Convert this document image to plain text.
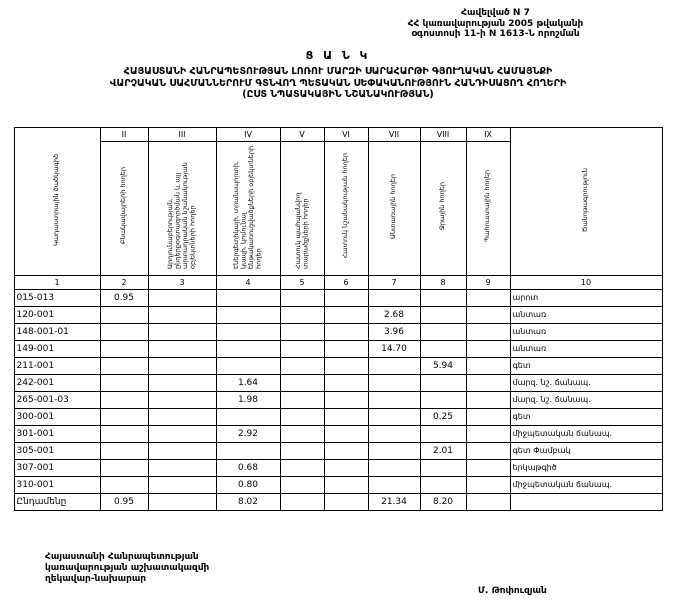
Հավելված N 7
ՀՀ կառավարության 2005 թվականի
օգոստոսի 11-ի N 1613-Ն որոշման
Ց Ա Ն Կ
ՀԱՅԱՍՏԱՆԻ ՀԱՆՐԱՊԵՏՈՒԹՅԱՆ ԼՈՌՈՒ ՄԱՐԶԻ ՍԱՐԱՀԱՐԹԻ ԳՅՈՒՂԱԿԱՆ ՀԱՄԱՅՆՔԻ
ՎԱՐՉԱԿԱՆ ՍԱՀՄԱՆՆԵՐՈՒՄ ԳՏՆՎՈՂ ՊԵՏԱԿԱՆ ՍԵՓԱԿԱՆՈՒԹՅՈՒՆ ՀԱՆԴԻՍԱՑՈՂ ՀՈՂԵՐԻ
(ԸՍՏ ՆՊԱՏԱԿԱՅԻՆ ՆՇԱՆԱԿՈՒԹՅԱՆ)
Կադաստրային ծածկագիծ	II	III	IV	V	VI	VII	VIII	IX	Ծանոթագրություն
	Բնակավայրերի հողեր	Արդյունաբերության, ընդերքօգտագործման և այլ արտադրական նշանակության օբյեկտների հողեր	Էներգետիկայի, տրանսպորտի, կապի, կոմունալ ենթակառուցվածքների օբյեկտների հողեր	Հատուկ պահպանվող տարածքների հողեր	Հատուկ նշանակության հողեր	Անտառային հողեր	Ջրային հողեր	Պահուստային հողեր	
1	2	3	4	5	6	7	8	9	10
015-013	0.95								արոտ
120-001						2.68			անտառ
148-001-01						3.96			անտառ
149-001						14.70			անտառ
211-001							5.94		գետ
242-001			1.64						մարզ. նշ. ճանապ.
265-001-03			1.98						մարզ. նշ. ճանապ.
300-001							0.25		գետ
301-001			2.92						միջպետական ճանապ.
305-001							2.01		գետ Փամբակ
307-001			0.68						երկաթգիծ
310-001			0.80						միջպետական ճանապ.
Ընդամենը	0.95		8.02			21.34	8.20		
Հայաստանի Հանրապետության
կառավարության աշխատակազմի
ղեկավար-նախարար
Մ. Թոփուզյան
